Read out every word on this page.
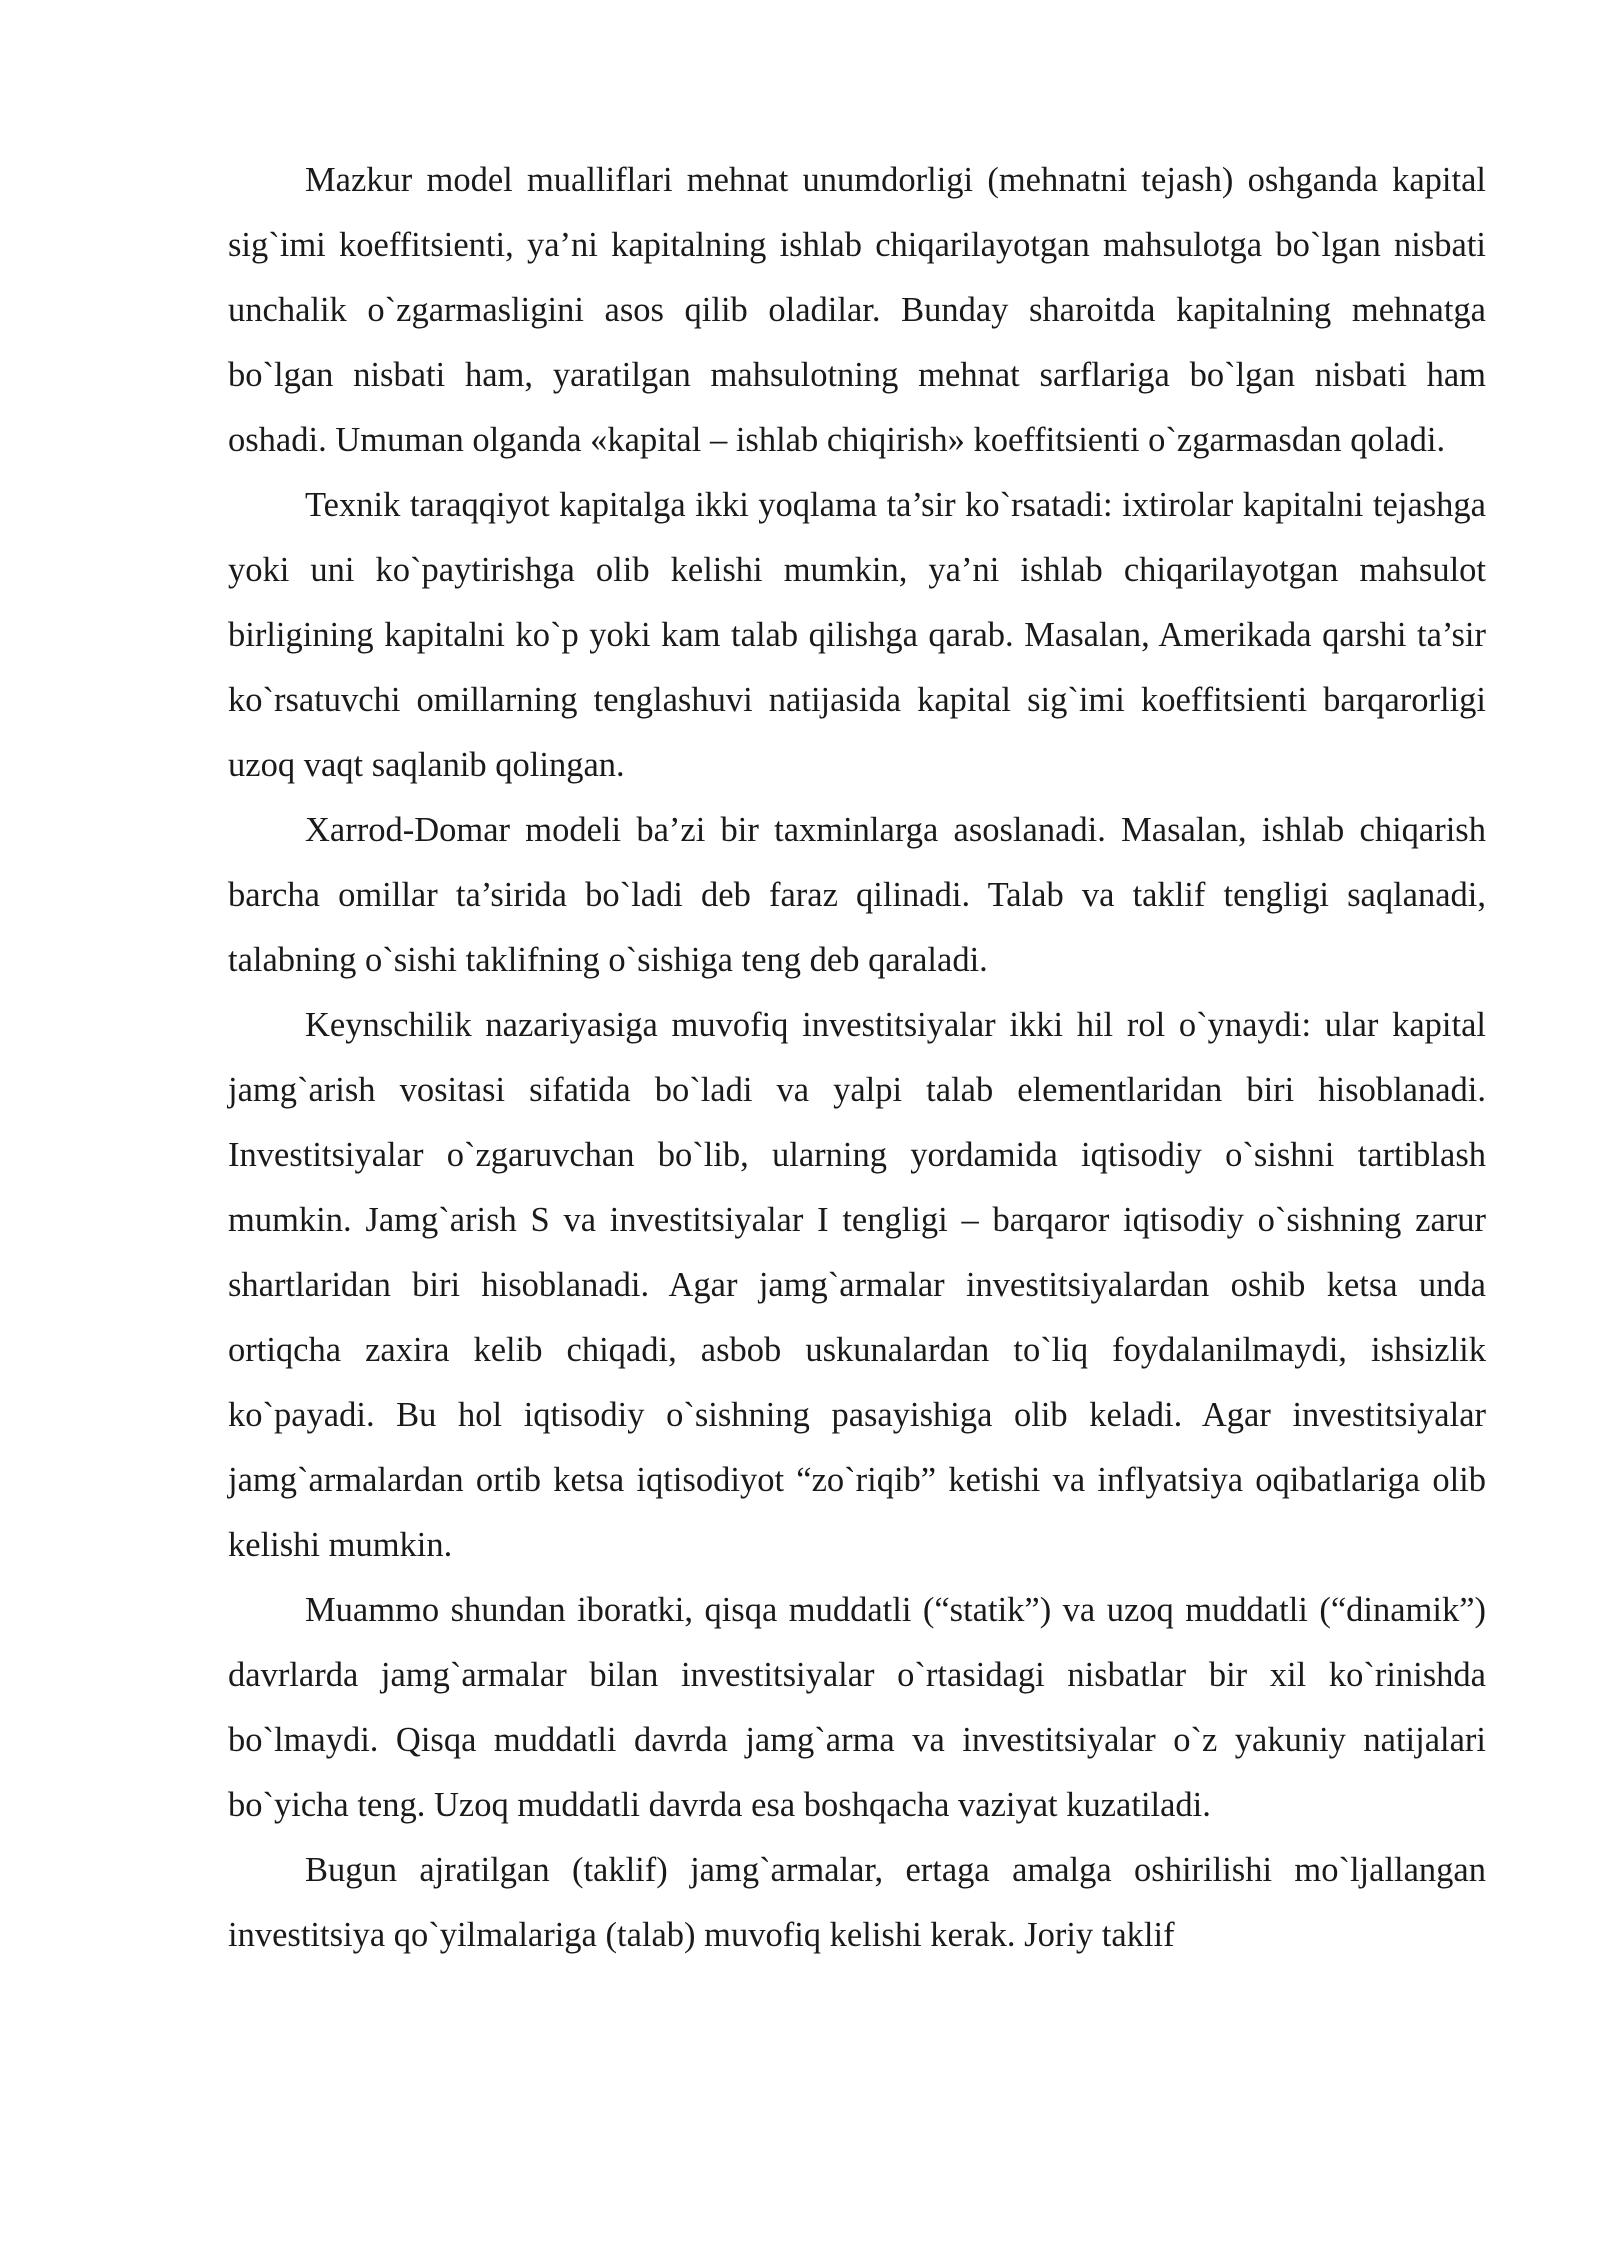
Mazkur model mualliflari mehnat unumdorligi (mehnatni tejash) oshganda kapital sig`imi koeffitsienti, ya’ni kapitalning ishlab chiqarilayotgan mahsulotga bo`lgan nisbati unchalik o`zgarmasligini asos qilib oladilar. Bunday sharoitda kapitalning mehnatga bo`lgan nisbati ham, yaratilgan mahsulotning mehnat sarflariga bo`lgan nisbati ham oshadi. Umuman olganda «kapital – ishlab chiqirish» koeffitsienti o`zgarmasdan qoladi.

Texnik taraqqiyot kapitalga ikki yoqlama ta’sir ko`rsatadi: ixtirolar kapitalni tejashga yoki uni ko`paytirishga olib kelishi mumkin, ya’ni ishlab chiqarilayotgan mahsulot birligining kapitalni ko`p yoki kam talab qilishga qarab. Masalan, Amerikada qarshi ta’sir ko`rsatuvchi omillarning tenglashuvi natijasida kapital sig`imi koeffitsienti barqarorligi uzoq vaqt saqlanib qolingan.

Xarrod-Domar modeli ba’zi bir taxminlarga asoslanadi. Masalan, ishlab chiqarish barcha omillar ta’sirida bo`ladi deb faraz qilinadi. Talab va taklif tengligi saqlanadi, talabning o`sishi taklifning o`sishiga teng deb qaraladi.

Keynschilik nazariyasiga muvofiq investitsiyalar ikki hil rol o`ynaydi: ular kapital jamg`arish vositasi sifatida bo`ladi va yalpi talab elementlaridan biri hisoblanadi. Investitsiyalar o`zgaruvchan bo`lib, ularning yordamida iqtisodiy o`sishni tartiblash mumkin. Jamg`arish S va investitsiyalar I tengligi – barqaror iqtisodiy o`sishning zarur shartlaridan biri hisoblanadi. Agar jamg`armalar investitsiyalardan oshib ketsa unda ortiqcha zaxira kelib chiqadi, asbob uskunalardan to`liq foydalanilmaydi, ishsizlik ko`payadi. Bu hol iqtisodiy o`sishning pasayishiga olib keladi. Agar investitsiyalar jamg`armalardan ortib ketsa iqtisodiyot “zo`riqib” ketishi va inflyatsiya oqibatlariga olib kelishi mumkin.

Muammo shundan iboratki, qisqa muddatli (“statik”) va uzoq muddatli (“dinamik”) davrlarda jamg`armalar bilan investitsiyalar o`rtasidagi nisbatlar bir xil ko`rinishda bo`lmaydi. Qisqa muddatli davrda jamg`arma va investitsiyalar o`z yakuniy natijalari bo`yicha teng. Uzoq muddatli davrda esa boshqacha vaziyat kuzatiladi.

Bugun ajratilgan (taklif) jamg`armalar, ertaga amalga oshirilishi mo`ljallangan investitsiya qo`yilmalariga (talab) muvofiq kelishi kerak. Joriy taklif
